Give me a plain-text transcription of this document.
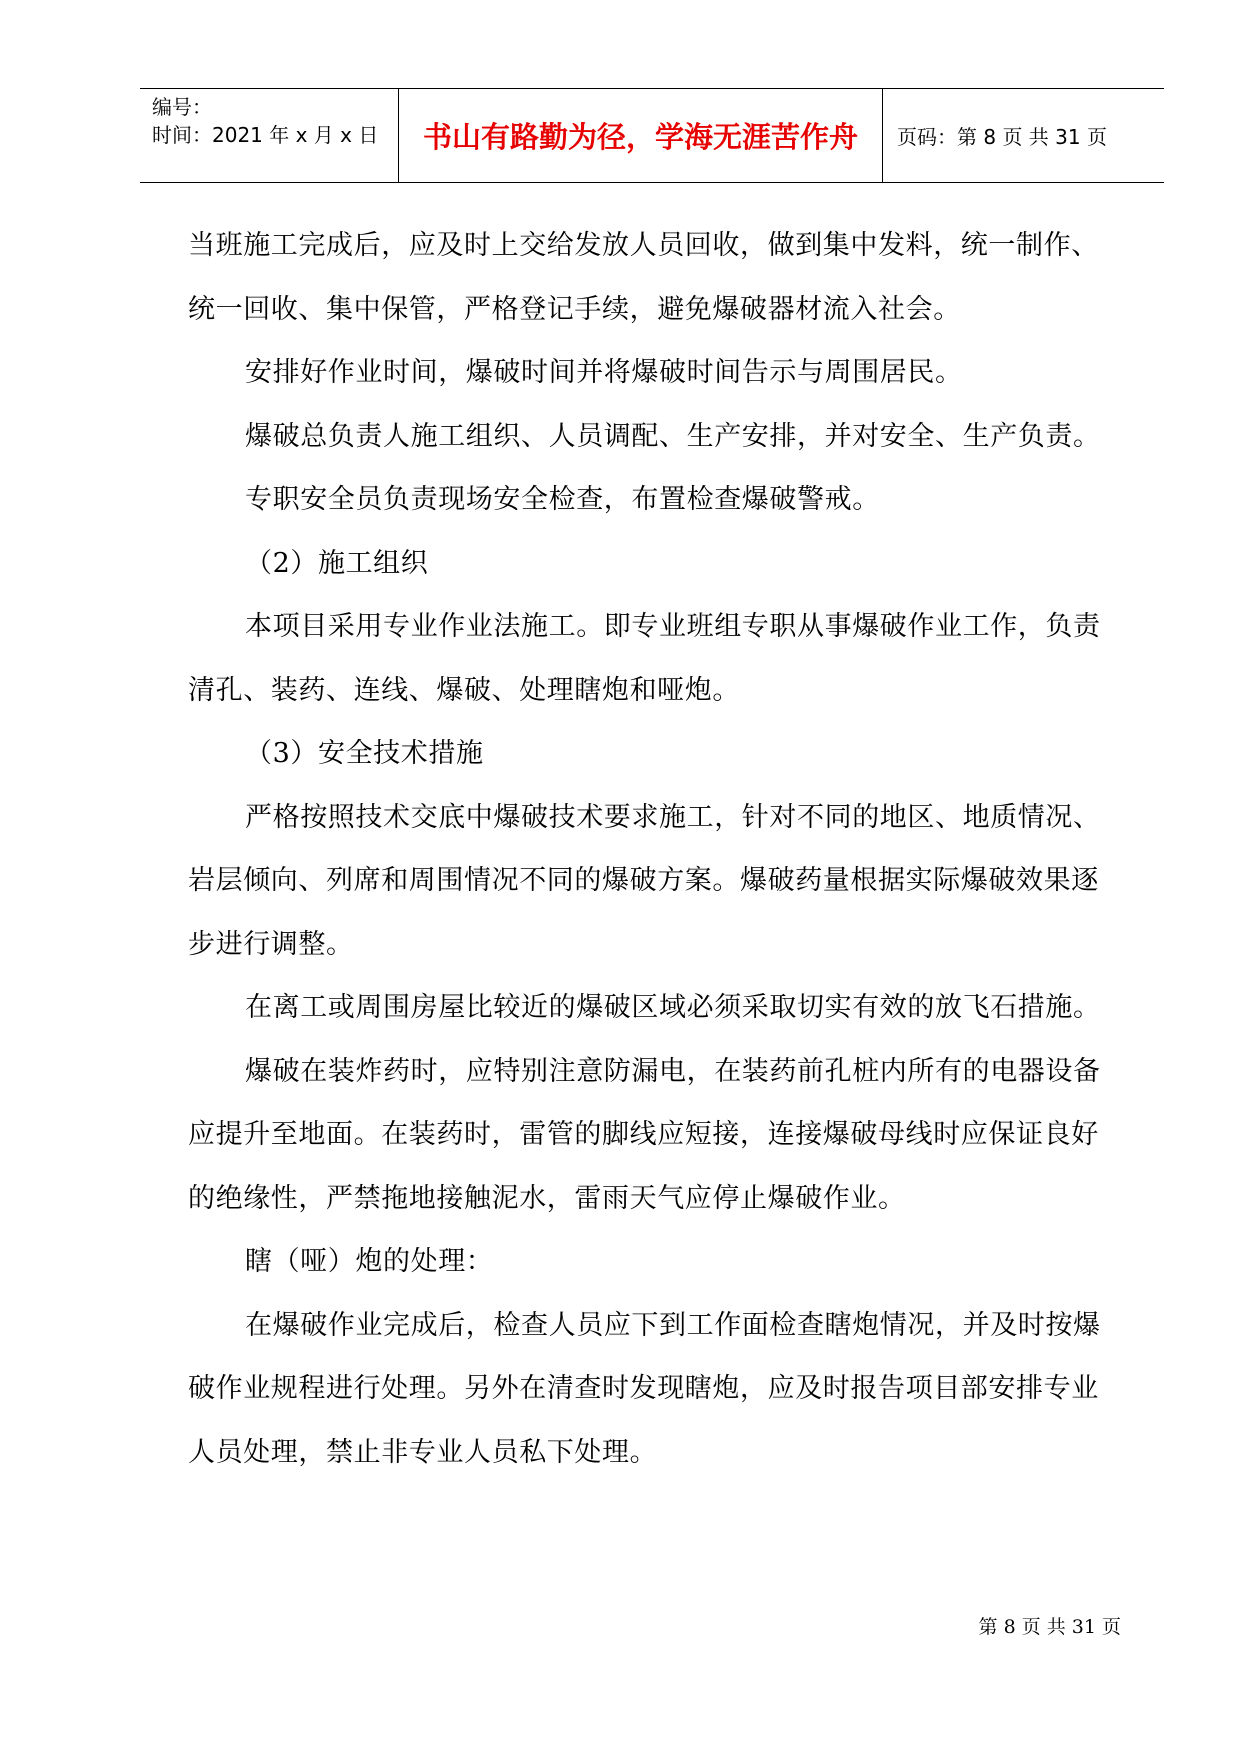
编号：
时间：2021 年 x 月 x 日	书山有路勤为径，学海无涯苦作舟	页码：第 8 页 共 31 页

当班施工完成后，应及时上交给发放人员回收，做到集中发料，统一制作、统一回收、集中保管，严格登记手续，避免爆破器材流入社会。

安排好作业时间，爆破时间并将爆破时间告示与周围居民。

爆破总负责人施工组织、人员调配、生产安排，并对安全、生产负责。

专职安全员负责现场安全检查，布置检查爆破警戒。

（2）施工组织

本项目采用专业作业法施工。即专业班组专职从事爆破作业工作，负责清孔、装药、连线、爆破、处理瞎炮和哑炮。

（3）安全技术措施

严格按照技术交底中爆破技术要求施工，针对不同的地区、地质情况、岩层倾向、列席和周围情况不同的爆破方案。爆破药量根据实际爆破效果逐步进行调整。

在离工或周围房屋比较近的爆破区域必须采取切实有效的放飞石措施。

爆破在装炸药时，应特别注意防漏电，在装药前孔桩内所有的电器设备应提升至地面。在装药时，雷管的脚线应短接，连接爆破母线时应保证良好的绝缘性，严禁拖地接触泥水，雷雨天气应停止爆破作业。

瞎（哑）炮的处理：

在爆破作业完成后，检查人员应下到工作面检查瞎炮情况，并及时按爆破作业规程进行处理。另外在清查时发现瞎炮，应及时报告项目部安排专业人员处理，禁止非专业人员私下处理。

第 8 页 共 31 页
